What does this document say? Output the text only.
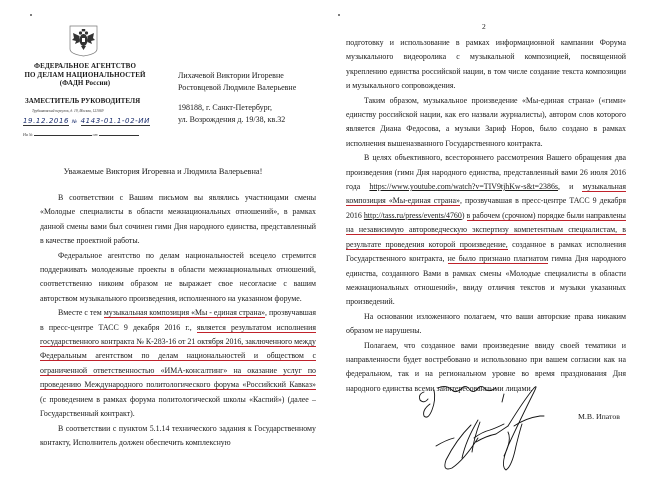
ФЕДЕРАЛЬНОЕ АГЕНТСТВО
ПО ДЕЛАМ НАЦИОНАЛЬНОСТЕЙ
(ФАДН России)
ЗАМЕСТИТЕЛЬ РУКОВОДИТЕЛЯ
Трубниковский переулок, д. 19, Москва, 121069
19.12.2016 № 4143-01.1-02-ИИ
На №	от
Лихачевой Виктории Игоревне
Ростовцевой Людмиле Валерьевне
198188, г. Санкт-Петербург,
ул. Возрождения д. 19/38, кв.32
Уважаемые Виктория Игоревна и Людмила Валерьевна!

В соответствии с Вашим письмом вы являлись участницами смены «Молодые специалисты в области межнациональных отношений», в рамках данной смены вами был сочинен гимн Дня народного единства, представленный в качестве проектной работы.

Федеральное агентство по делам национальностей всецело стремится поддерживать молодежные проекты в области межнациональных отношений, соответственно никоим образом не выражает свое несогласие с вашим авторством музыкального произведения, исполненного на указанном форуме.

Вместе с тем музыкальная композиция «Мы - единая страна», прозвучавшая в пресс-центре ТАСС 9 декабря 2016 г., является результатом исполнения государственного контракта № К-283-16 от 21 октября 2016, заключенного между Федеральным агентством по делам национальностей и обществом с ограниченной ответственностью «ИМА-консалтинг» на оказание услуг по проведению Международного политологического форума «Российский Кавказ» (с проведением в рамках форума политологической школы «Каспий») (далее – Государственный контракт).

В соответствии с пунктом 5.1.14 технического задания к Государственному контакту, Исполнитель должен обеспечить комплексную

2

подготовку и использование в рамках информационной кампании Форума музыкального видеоролика с музыкальной композицией, посвященной укреплению единства российской нации, в том числе создание текста композиции и музыкального сопровождения.

Таким образом, музыкальное произведение «Мы-единая страна» («гимн» единству российской нации, как его назвали журналисты), автором слов которого является Диана Федосова, а музыки Зариф Норов, было создано в рамках исполнения вышеназванного Государственного контракта.

В целях объективного, всестороннего рассмотрения Вашего обращения два произведения (гимн Дня народного единства, представленный вами 26 июля 2016 года https://www.youtube.com/watch?v=TIV9tjhKw-s&t=2386s, и музыкальная композиция «Мы-единая страна», прозвучавшая в пресс-центре ТАСС 9 декабря 2016 http://tass.ru/press/events/4760) в рабочем (срочном) порядке были направлены на независимую автороведческую экспертизу компетентным специалистам, в результате проведения которой произведение, созданное в рамках исполнения Государственного контракта, не было признано плагиатом гимна Дня народного единства, созданного Вами в рамках смены «Молодые специалисты в области межнациональных отношений», ввиду отличия текстов и музыки указанных произведений.

На основании изложенного полагаем, что ваши авторские права никаким образом не нарушены.

Полагаем, что созданное вами произведение ввиду своей тематики и направленности будет востребовано и использовано при вашем согласии как на федеральном, так и на региональном уровне во время празднования Дня народного единства всеми заинтересованными лицами.

М.В. Ипатов
